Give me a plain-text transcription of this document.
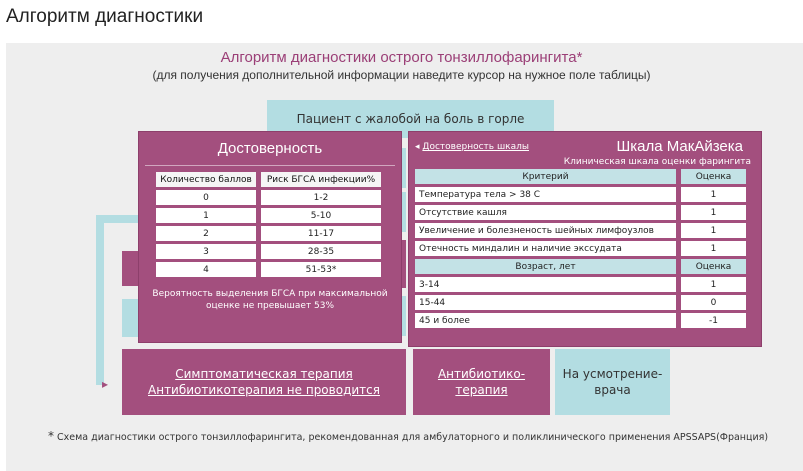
Алгоритм диагностики
Алгоритм диагностики острого тонзиллофарингита*
(для получения дополнительной информации наведите курсор на нужное поле таблицы)
Пациент с жалобой на боль в горле
▸
Симптоматическая терапия
Антибиотикотерапия не проводится
Антибиотико-
терапия
На усмотрение-
врача
* Схема диагностики острого тонзиллофарингита, рекомендованная для амбулаторного и поликлинического применения APSSAPS(Франция)
Достоверность
Количество баллов	Риск БГСА инфекции%
0	1-2
1	5-10
2	11-17
3	28-35
4	51-53*
Вероятность выделения БГСА при максимальной оценке не превышает 53%
◂ Достоверность шкалы	Шкала МакАйзека
Клиническая шкала оценки фарингита
Критерий	Оценка
Температура тела > 38 C	1
Отсутствие кашля	1
Увеличение и болезненость шейных лимфоузлов	1
Отечность миндалин и наличие экссудата	1
Возраст, лет	Оценка
3-14	1
15-44	0
45 и более	-1
